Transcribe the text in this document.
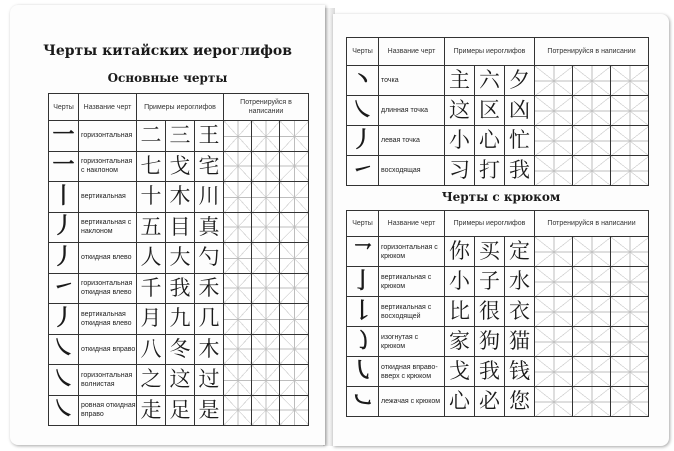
Черты китайских иероглифов
Основные черты
Черты	Название черт	Примеры иероглифов			Потренируйся в написании		
一	горизонтальная	二	三	王			
一	горизонтальная с наклоном	七	戈	宅			
丨	вертикальная	十	木	川			
丿	вертикальная с наклоном	五	目	真			
丿	откидная влево	人	大	勺			
㇀	горизонтальная откидная влево	千	我	禾			
丿	вертикальная откидная влево	月	九	几			
㇏	откидная вправо	八	冬	木			
㇏	горизонтальная волнистая	之	这	过			
㇏	ровная откидная вправо	走	足	是			
Черты	Название черт	Примеры иероглифов			Потренируйся в написании		
丶	точка	主	六	夕			
㇏	длинная точка	这	区	凶			
丿	левая точка	小	心	忙			
㇀	восходящая	习	打	我			
Черты с крюком
Черты	Название черт	Примеры иероглифов			Потренируйся в написании		
㇖	горизонтальная с крюком	你	买	定			
亅	вертикальная с крюком	小	子	水			
𠄌	вертикальная с восходящей	比	很	衣			
㇁	изогнутая с крюком	家	狗	猫			
㇂	откидная вправо-вверх с крюком	戈	我	钱			
㇃	лежачая с крюком	心	必	您			
